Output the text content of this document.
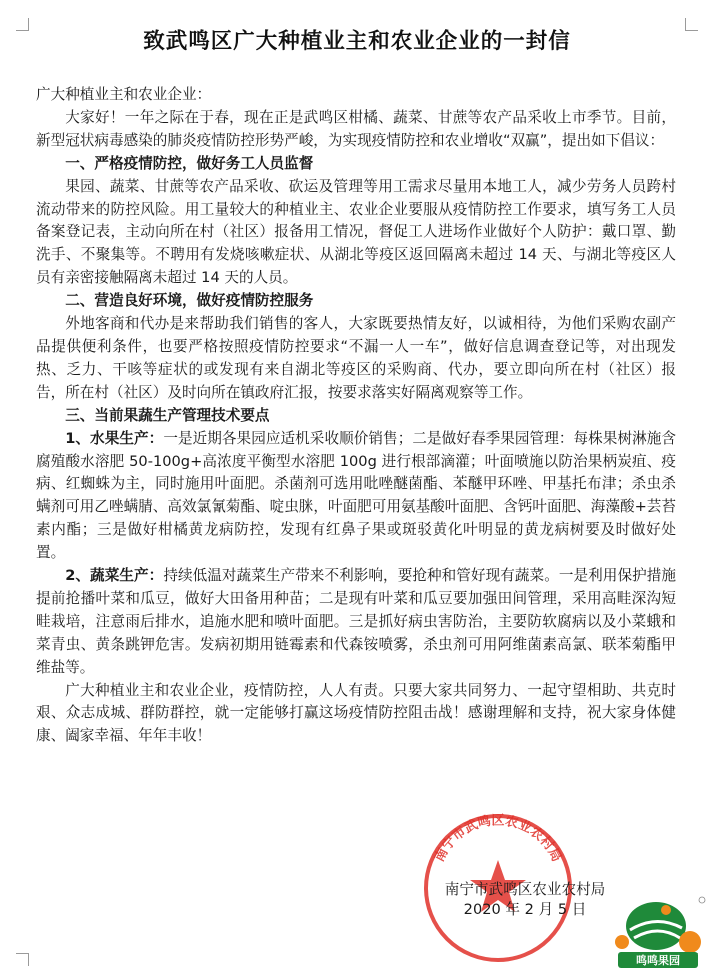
致武鸣区广大种植业主和农业企业的一封信

广大种植业主和农业企业：

大家好！一年之际在于春，现在正是武鸣区柑橘、蔬菜、甘蔗等农产品采收上市季节。目前，新型冠状病毒感染的肺炎疫情防控形势严峻，为实现疫情防控和农业增收“双赢”，提出如下倡议：

一、严格疫情防控，做好务工人员监督

果园、蔬菜、甘蔗等农产品采收、砍运及管理等用工需求尽量用本地工人，减少劳务人员跨村流动带来的防控风险。用工量较大的种植业主、农业企业要服从疫情防控工作要求，填写务工人员备案登记表，主动向所在村（社区）报备用工情况，督促工人进场作业做好个人防护：戴口罩、勤洗手、不聚集等。不聘用有发烧咳嗽症状、从湖北等疫区返回隔离未超过 14 天、与湖北等疫区人员有亲密接触隔离未超过 14 天的人员。

二、营造良好环境，做好疫情防控服务

外地客商和代办是来帮助我们销售的客人，大家既要热情友好，以诚相待，为他们采购农副产品提供便利条件，也要严格按照疫情防控要求“不漏一人一车”，做好信息调查登记等，对出现发热、乏力、干咳等症状的或发现有来自湖北等疫区的采购商、代办，要立即向所在村（社区）报告，所在村（社区）及时向所在镇政府汇报，按要求落实好隔离观察等工作。

三、当前果蔬生产管理技术要点

1、水果生产：一是近期各果园应适机采收顺价销售；二是做好春季果园管理：每株果树淋施含腐殖酸水溶肥 50-100g+高浓度平衡型水溶肥 100g 进行根部滴灌；叶面喷施以防治果柄炭疽、疫病、红蜘蛛为主，同时施用叶面肥。杀菌剂可选用吡唑醚菌酯、苯醚甲环唑、甲基托布津；杀虫杀螨剂可用乙唑螨腈、高效氯氰菊酯、啶虫脒，叶面肥可用氨基酸叶面肥、含钙叶面肥、海藻酸+芸苔素内酯；三是做好柑橘黄龙病防控，发现有红鼻子果或斑驳黄化叶明显的黄龙病树要及时做好处置。

2、蔬菜生产：持续低温对蔬菜生产带来不利影响，要抢种和管好现有蔬菜。一是利用保护措施提前抢播叶菜和瓜豆，做好大田备用种苗；二是现有叶菜和瓜豆要加强田间管理，采用高畦深沟短畦栽培，注意雨后排水，追施水肥和喷叶面肥。三是抓好病虫害防治，主要防软腐病以及小菜蛾和菜青虫、黄条跳钾危害。发病初期用链霉素和代森铵喷雾，杀虫剂可用阿维菌素高氯、联苯菊酯甲维盐等。

广大种植业主和农业企业，疫情防控，人人有责。只要大家共同努力、一起守望相助、共克时艰、众志成城、群防群控，就一定能够打赢这场疫情防控阻击战！感谢理解和支持，祝大家身体健康、阖家幸福、年年丰收！

南宁市武鸣区农业农村局
南宁市武鸣区农业农村局
2020 年 2 月 5 日
鸣鸣果园
